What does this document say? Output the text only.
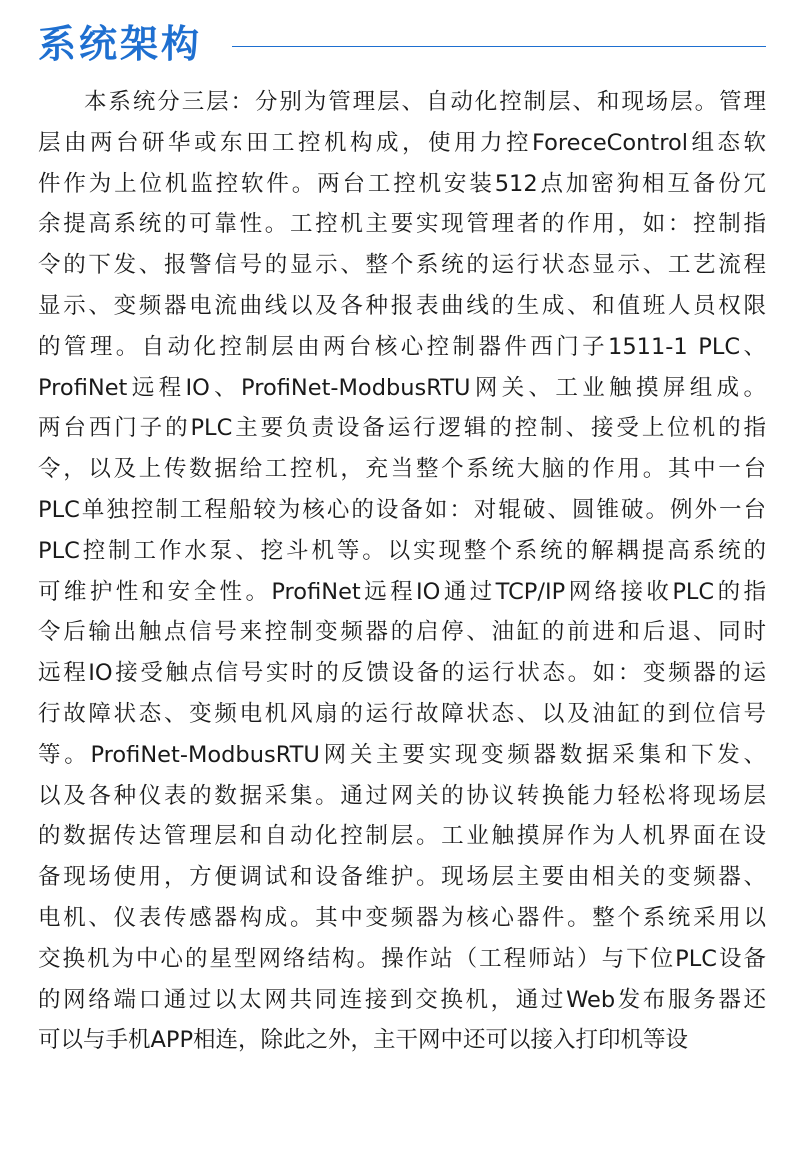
系统架构
本系统分三层：分别为管理层、自动化控制层、和现场层。管理
层由两台研华或东田工控机构成，使用力控ForeceControl组态软
件作为上位机监控软件。两台工控机安装512点加密狗相互备份冗
余提高系统的可靠性。工控机主要实现管理者的作用，如：控制指
令的下发、报警信号的显示、整个系统的运行状态显示、工艺流程
显示、变频器电流曲线以及各种报表曲线的生成、和值班人员权限
的管理。自动化控制层由两台核心控制器件西门子1511-1 PLC、
ProfiNet远程IO、ProfiNet-ModbusRTU网关、工业触摸屏组成。
两台西门子的PLC主要负责设备运行逻辑的控制、接受上位机的指
令，以及上传数据给工控机，充当整个系统大脑的作用。其中一台
PLC单独控制工程船较为核心的设备如：对辊破、圆锥破。例外一台
PLC控制工作水泵、挖斗机等。以实现整个系统的解耦提高系统的
可维护性和安全性。ProfiNet远程IO通过TCP/IP网络接收PLC的指
令后输出触点信号来控制变频器的启停、油缸的前进和后退、同时
远程IO接受触点信号实时的反馈设备的运行状态。如：变频器的运
行故障状态、变频电机风扇的运行故障状态、以及油缸的到位信号
等。ProfiNet-ModbusRTU网关主要实现变频器数据采集和下发、
以及各种仪表的数据采集。通过网关的协议转换能力轻松将现场层
的数据传达管理层和自动化控制层。工业触摸屏作为人机界面在设
备现场使用，方便调试和设备维护。现场层主要由相关的变频器、
电机、仪表传感器构成。其中变频器为核心器件。整个系统采用以
交换机为中心的星型网络结构。操作站（工程师站）与下位PLC设备
的网络端口通过以太网共同连接到交换机，通过Web发布服务器还
可以与手机APP相连，除此之外，主干网中还可以接入打印机等设
